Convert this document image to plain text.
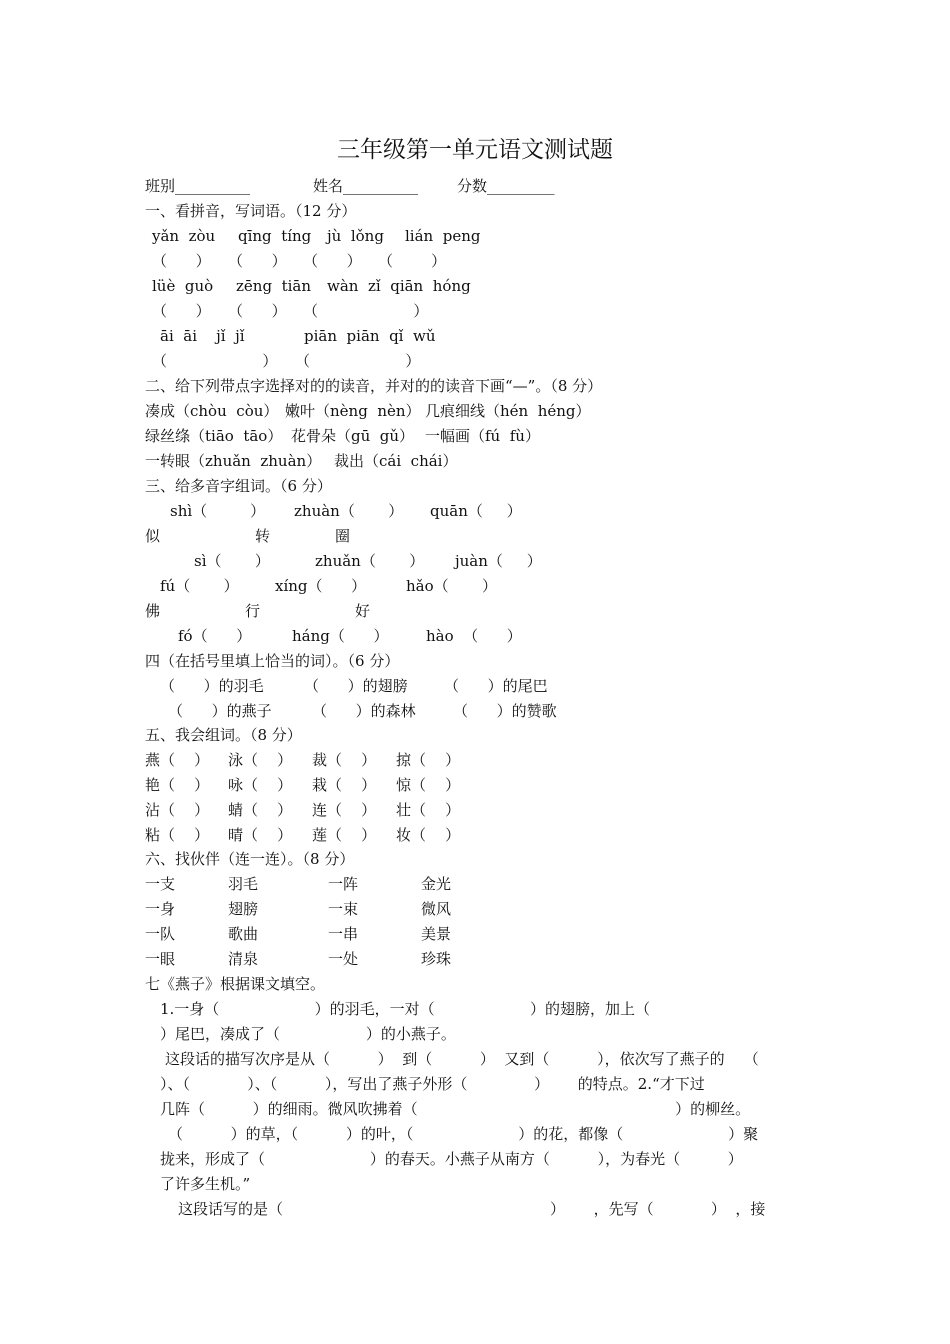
三年级第一单元语文测试题
班别__________	姓名__________	分数_________
一、看拼音，写词语。（12 分）
yǎn  zòu qīng  tíng jù  lǒng lián  peng
（      ） （      ） （      ） （        ）
lüè  guò zēng  tiān wàn  zǐ  qiān  hóng
（      ） （      ） （                    ）
āi  āi    jǐ  jǐ	piān  piān  qǐ  wǔ
（                    ） （                    ）
二、给下列带点字选择对的的读音，并对的的读音下画“—”。（8 分）
凑成（chòu  còu） 嫩叶（nèng  nèn） 几痕细线（hén  héng）
绿丝绦（tiāo  tāo） 花骨朵（gū  gǔ） 一幅画（fú  fù）
一转眼（zhuǎn  zhuàn） 裁出（cái  chái）
三、给多音字组词。（6 分）
shì（         ） zhuàn（       ） quān（     ）
似	转	圈
sì（       ）	zhuǎn（       ） juàn（     ）
fú（       ） xíng（      ）	hǎo（       ）
佛	行	好
fó（      ）	háng（      ）	hào  （      ）
四（在括号里填上恰当的词）。（6 分）
（      ）的羽毛	（      ）的翅膀 （      ）的尾巴
（      ）的燕子	（      ）的森林 （      ）的赞歌
五、我会组词。（8 分）
燕（    ） 泳（    ） 裁（    ） 掠（    ）
艳（    ） 咏（    ） 栽（    ） 惊（    ）
沾（    ） 蜻（    ） 连（    ） 壮（    ）
粘（    ） 晴（    ） 莲（    ） 妆（    ）
六、找伙伴（连一连）。（8 分）
一支	羽毛	一阵	金光
一身	翅膀	一束	微风
一队	歌曲	一串	美景
一眼	清泉	一处	珍珠
七《燕子》根据课文填空。
1.一身（                    ）的羽毛，一对（                    ）的翅膀，加上（
）尾巴，凑成了（                  ）的小燕子。
这段话的描写次序是从（          ）  到（          ）  又到（          ），依次写了燕子的    （
）、（            ）、（          ），写出了燕子外形（              ）      的特点。2.“才下过
几阵（          ）的细雨。微风吹拂着（                                                      ）的柳丝。
（          ）的草，（          ）的叶，（                      ）的花，都像（                      ）聚
拢来，形成了（                      ）的春天。小燕子从南方（          ），为春光（          ）
了许多生机。”
这段话写的是（                                                        ）      ，先写（            ）  ，接
